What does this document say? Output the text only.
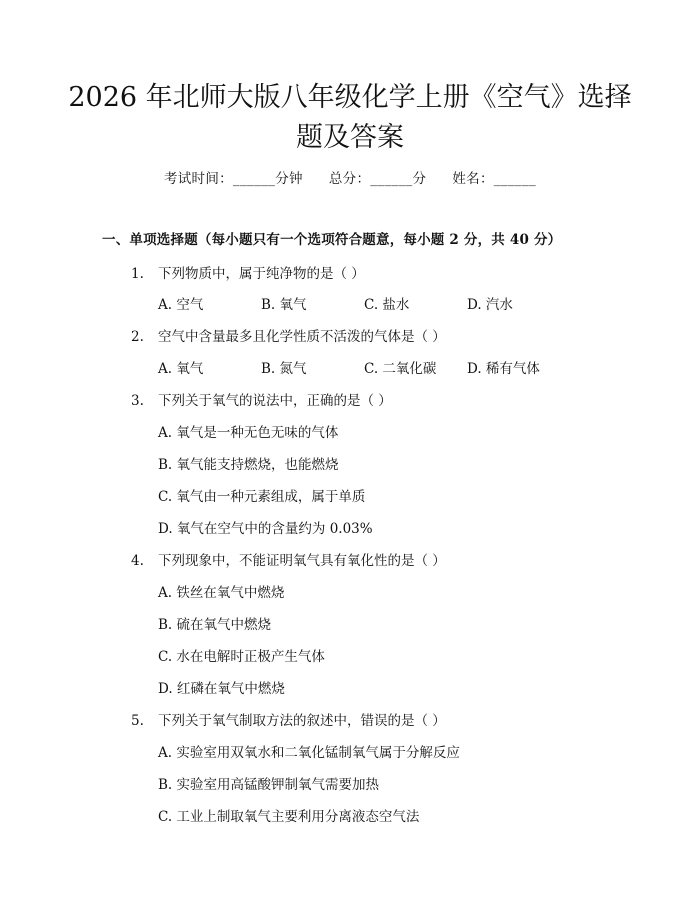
2026 年北师大版八年级化学上册《空气》选择题及答案
考试时间：______分钟 总分：______分 姓名：______
一、单项选择题（每小题只有一个选项符合题意，每小题 2 分，共 40 分）
1. 下列物质中，属于纯净物的是（ ）
A. 空气	B. 氧气	C. 盐水	D. 汽水
2. 空气中含量最多且化学性质不活泼的气体是（ ）
A. 氧气	B. 氮气	C. 二氧化碳 D. 稀有气体
3. 下列关于氧气的说法中，正确的是（ ）
A. 氧气是一种无色无味的气体
B. 氧气能支持燃烧，也能燃烧
C. 氧气由一种元素组成，属于单质
D. 氧气在空气中的含量约为 0.03%
4. 下列现象中，不能证明氧气具有氧化性的是（ ）
A. 铁丝在氧气中燃烧
B. 硫在氧气中燃烧
C. 水在电解时正极产生气体
D. 红磷在氧气中燃烧
5. 下列关于氧气制取方法的叙述中，错误的是（ ）
A. 实验室用双氧水和二氧化锰制氧气属于分解反应
B. 实验室用高锰酸钾制氧气需要加热
C. 工业上制取氧气主要利用分离液态空气法
